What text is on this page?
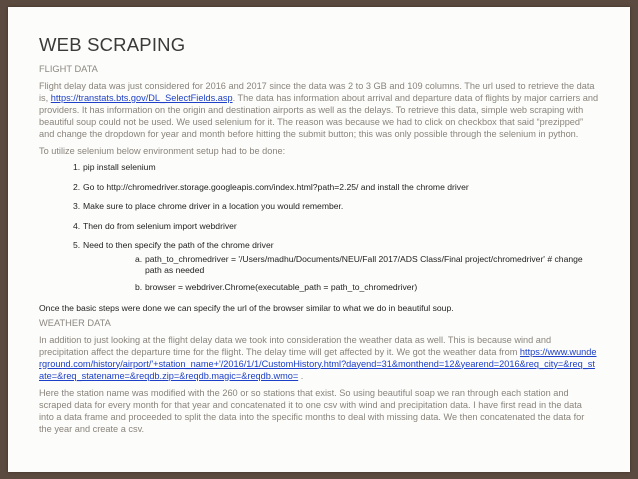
WEB SCRAPING
FLIGHT DATA
Flight delay data was just considered for 2016 and 2017 since the data was 2 to 3 GB and 109 columns. The url used to retrieve the data is, https://transtats.bts.gov/DL_SelectFields.asp. The data has information about arrival and departure data of flights by major carriers and providers. It has information on the origin and destination airports as well as the delays. To retrieve this data, simple web scraping with beautiful soup could not be used. We used selenium for it. The reason was because we had to click on checkbox that said “prezipped” and change the dropdown for year and month before hitting the submit button; this was only possible through the selenium in python.
To utilize selenium below environment setup had to be done:
1. pip install selenium
2. Go to http://chromedriver.storage.googleapis.com/index.html?path=2.25/ and install the chrome driver
3. Make sure to place chrome driver in a location you would remember.
4. Then do from selenium import webdriver
5. Need to then specify the path of the chrome driver
a. path_to_chromedriver = '/Users/madhu/Documents/NEU/Fall 2017/ADS Class/Final project/chromedriver' # change path as needed
b. browser = webdriver.Chrome(executable_path = path_to_chromedriver)
Once the basic steps were done we can specify the url of the browser similar to what we do in beautiful soup.
WEATHER DATA
In addition to just looking at the flight delay data we took into consideration the weather data as well. This is because wind and precipitation affect the departure time for the flight. The delay time will get affected by it. We got the weather data from https://www.wunderground.com/history/airport/'+station_name+'/2016/1/1/CustomHistory.html?dayend=31&monthend=12&yearend=2016&req_city=&req_state=&req_statename=&reqdb.zip=&reqdb.magic=&reqdb.wmo= .
Here the station name was modified with the 260 or so stations that exist. So using beautiful soap we ran through each station and scraped data for every month for that year and concatenated it to one csv with wind and precipitation data. I have first read in the data into a data frame and proceeded to split the data into the specific months to deal with missing data. We then concatenated the data for the year and create a csv.
